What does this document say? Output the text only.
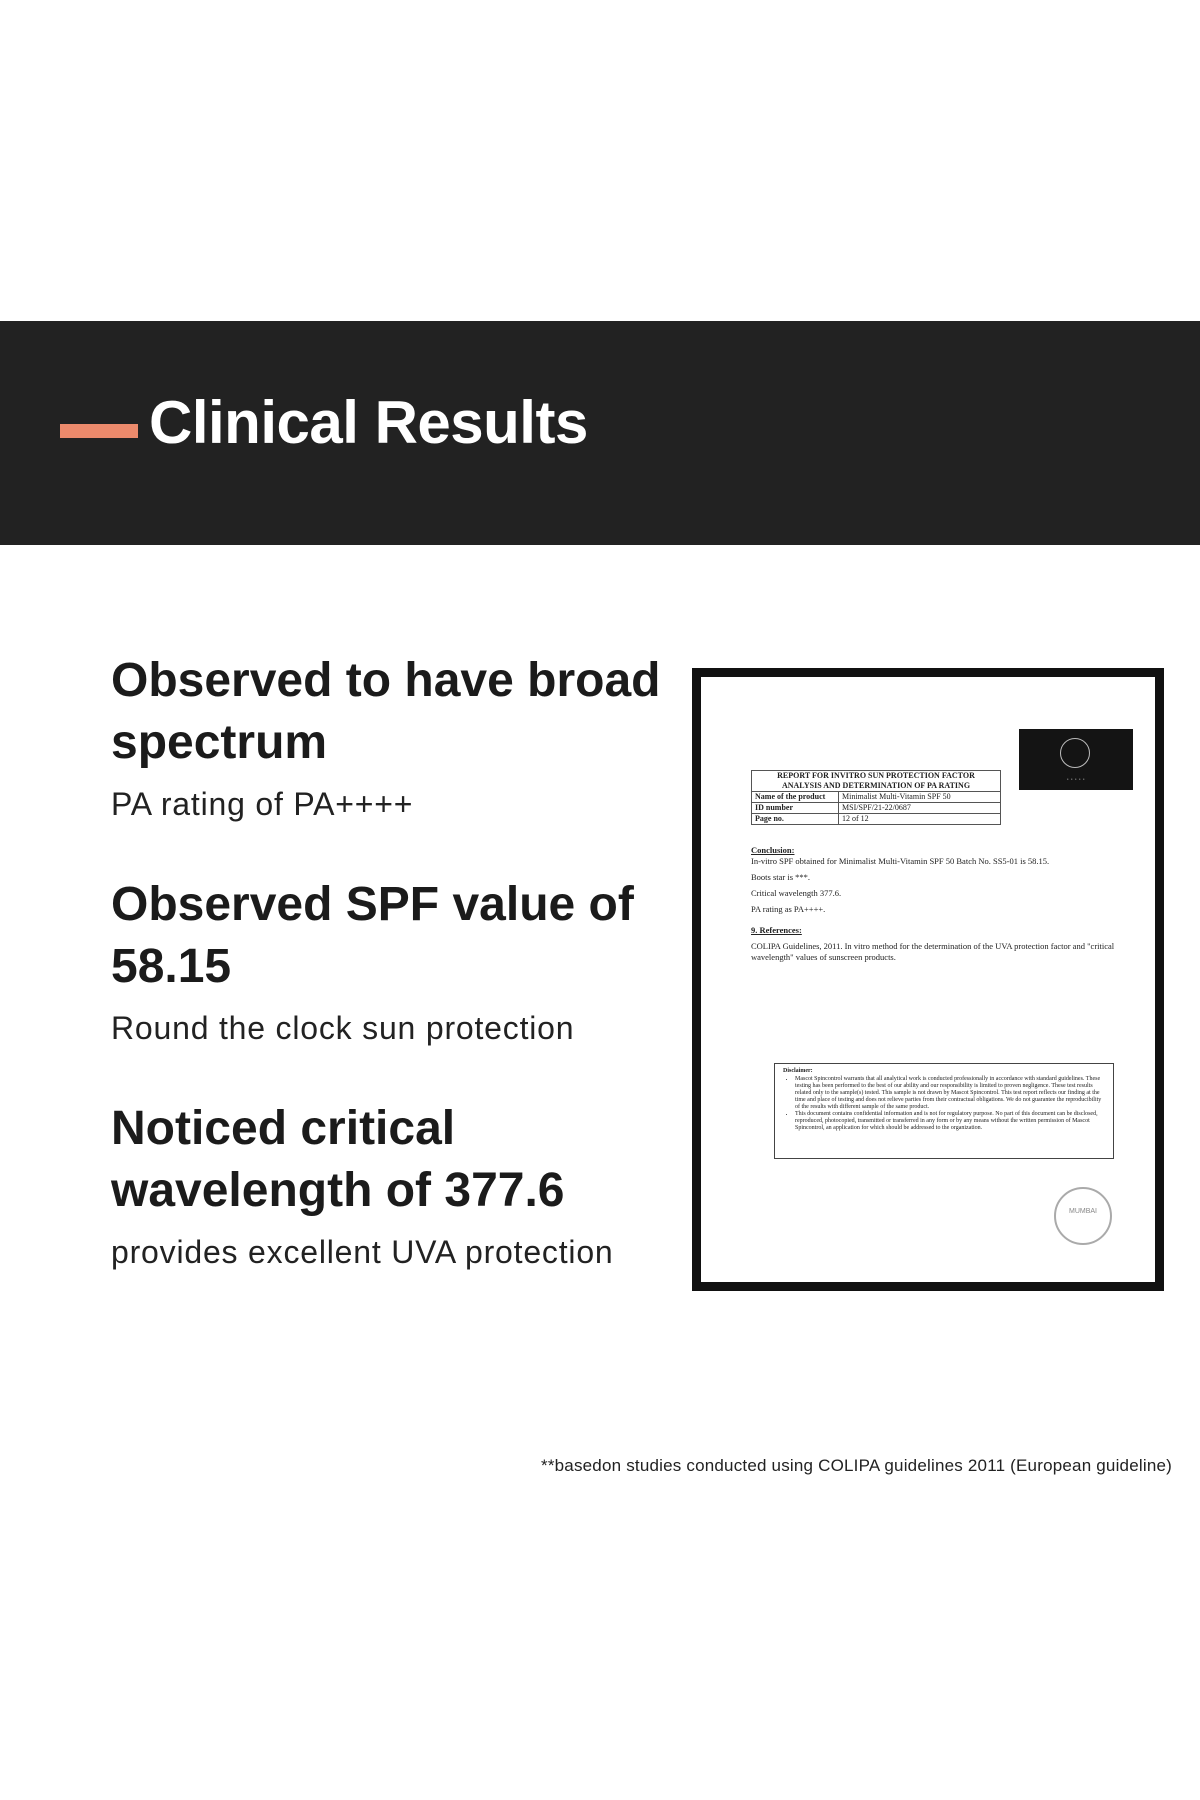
Clinical Results
Observed to have broad spectrum

PA rating of PA++++

Observed SPF value of 58.15

Round the clock sun protection

Noticed critical wavelength of 377.6

provides excellent UVA protection

• • • • •
REPORT FOR INVITRO SUN PROTECTION FACTOR
ANALYSIS AND DETERMINATION OF PA RATING	
Name of the product	Minimalist Multi-Vitamin SPF 50
ID number	MSI/SPF/21-22/0687
Page no.	12 of 12

Conclusion:

In-vitro SPF obtained for Minimalist Multi-Vitamin SPF 50 Batch No. SS5-01 is 58.15.

Boots star is ***.

Critical wavelength 377.6.

PA rating as PA++++.

9. References:

COLIPA Guidelines, 2011. In vitro method for the determination of the UVA protection factor and "critical wavelength" values of sunscreen products.

Disclaimer:
• Mascot Spincontrol warrants that all analytical work is conducted professionally in accordance with standard guidelines. These testing has been performed to the best of our ability and our responsibility is limited to proven negligence. These test results related only to the sample(s) tested. This sample is not drawn by Mascot Spincontrol. This test report reflects our finding at the time and place of testing and does not relieve parties from their contractual obligations. We do not guarantee the reproducibility of the results with different sample of the same product.
• This document contains confidential information and is not for regulatory purpose. No part of this document can be disclosed, reproduced, photocopied, transmitted or transferred in any form or by any means without the written permission of Mascot Spincontrol, an application for which should be addressed to the organization.
MUMBAI

**basedon studies conducted using COLIPA guidelines 2011 (European guideline)
